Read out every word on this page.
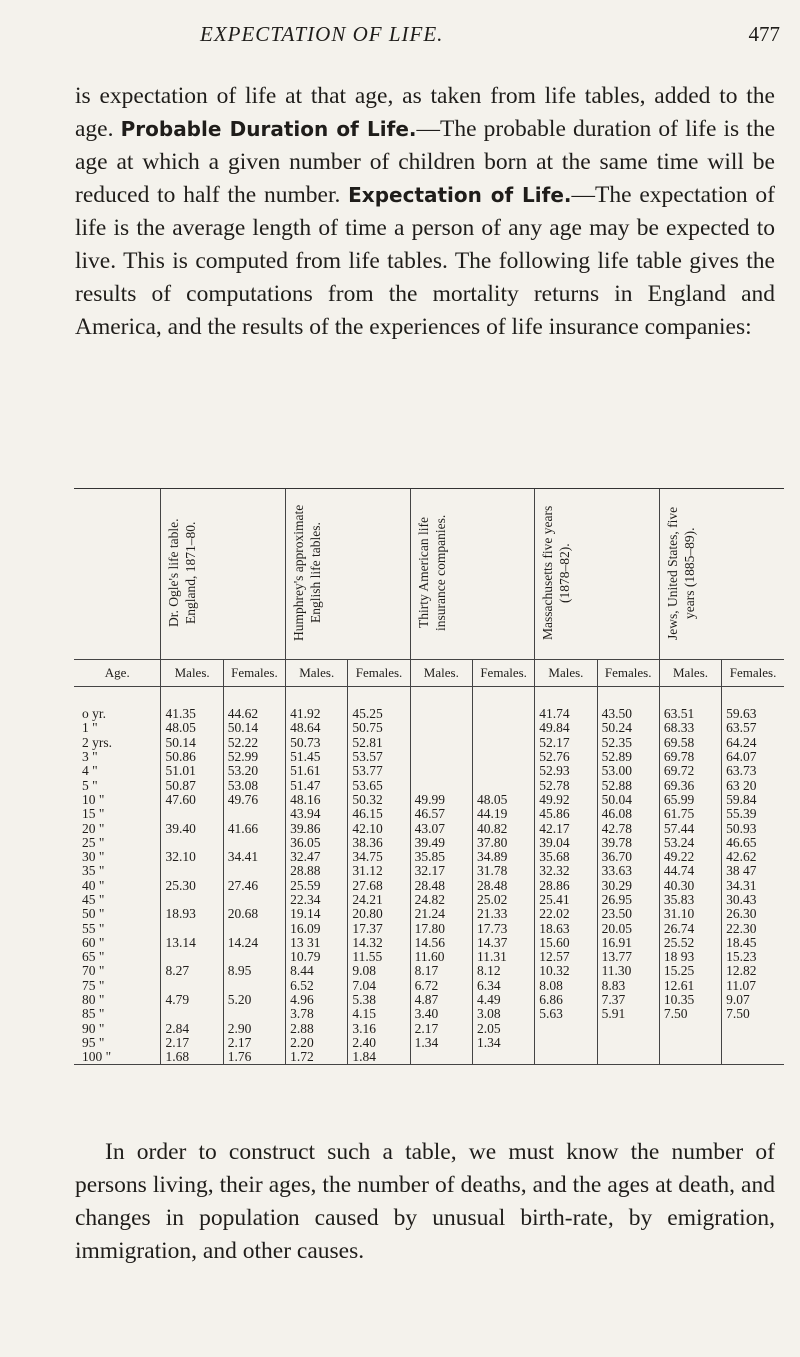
EXPECTATION OF LIFE.	477
is expectation of life at that age, as taken from life tables, added to the age. Probable Duration of Life.—The probable duration of life is the age at which a given number of children born at the same time will be reduced to half the number. Expectation of Life.—The expectation of life is the average length of time a person of any age may be expected to live. This is computed from life tables. The following life table gives the results of computations from the mortality returns in England and America, and the results of the experiences of life insurance companies:

	Dr. Ogle's life table. England, 1871–80.		Humphrey's approximate English life tables.		Thirty American life insurance companies.		Massachusetts five years (1878–82).		Jews, United States, five years (1885–89).	

Age.	Males.	Females.	Males.	Females.	Males.	Females.	Males.	Females.	Males.	Females.

o yr.	41.35	44.62	41.92	45.25			41.74	43.50	63.51	59.63
1 "	48.05	50.14	48.64	50.75			49.84	50.24	68.33	63.57
2 yrs.	50.14	52.22	50.73	52.81			52.17	52.35	69.58	64.24
3 "	50.86	52.99	51.45	53.57			52.76	52.89	69.78	64.07
4 "	51.01	53.20	51.61	53.77			52.93	53.00	69.72	63.73
5 "	50.87	53.08	51.47	53.65			52.78	52.88	69.36	63 20
10 "	47.60	49.76	48.16	50.32	49.99	48.05	49.92	50.04	65.99	59.84
15 "			43.94	46.15	46.57	44.19	45.86	46.08	61.75	55.39
20 "	39.40	41.66	39.86	42.10	43.07	40.82	42.17	42.78	57.44	50.93
25 "			36.05	38.36	39.49	37.80	39.04	39.78	53.24	46.65
30 "	32.10	34.41	32.47	34.75	35.85	34.89	35.68	36.70	49.22	42.62
35 "			28.88	31.12	32.17	31.78	32.32	33.63	44.74	38 47
40 "	25.30	27.46	25.59	27.68	28.48	28.48	28.86	30.29	40.30	34.31
45 "			22.34	24.21	24.82	25.02	25.41	26.95	35.83	30.43
50 "	18.93	20.68	19.14	20.80	21.24	21.33	22.02	23.50	31.10	26.30
55 "			16.09	17.37	17.80	17.73	18.63	20.05	26.74	22.30
60 "	13.14	14.24	13 31	14.32	14.56	14.37	15.60	16.91	25.52	18.45
65 "			10.79	11.55	11.60	11.31	12.57	13.77	18 93	15.23
70 "	8.27	8.95	8.44	9.08	8.17	8.12	10.32	11.30	15.25	12.82
75 "			6.52	7.04	6.72	6.34	8.08	8.83	12.61	11.07
80 "	4.79	5.20	4.96	5.38	4.87	4.49	6.86	7.37	10.35	9.07
85 "			3.78	4.15	3.40	3.08	5.63	5.91	7.50	7.50
90 "	2.84	2.90	2.88	3.16	2.17	2.05				
95 "	2.17	2.17	2.20	2.40	1.34	1.34				
100 "	1.68	1.76	1.72	1.84						
In order to construct such a table, we must know the number of persons living, their ages, the number of deaths, and the ages at death, and changes in population caused by unusual birth-rate, by emigration, immigration, and other causes.
